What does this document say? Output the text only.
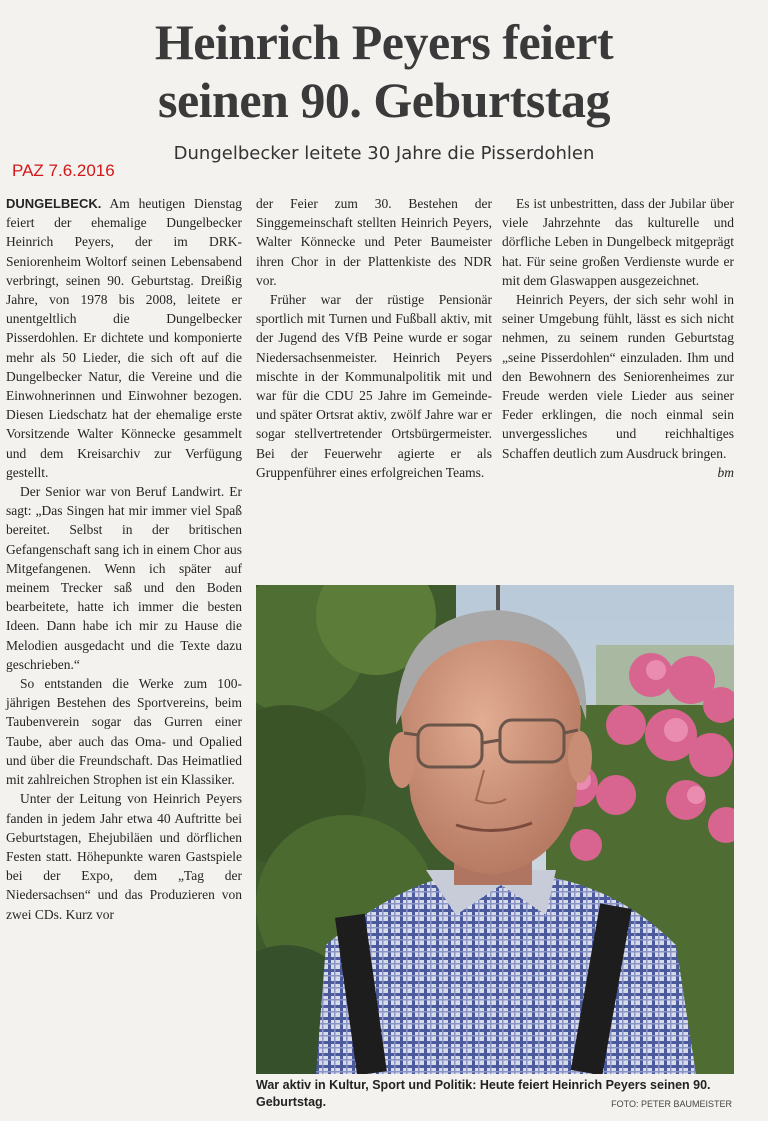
Heinrich Peyers feiert
seinen 90. Geburtstag
Dungelbecker leitete 30 Jahre die Pisserdohlen
PAZ 7.6.2016

DUNGELBECK. Am heutigen Dienstag feiert der ehemalige Dungelbecker Heinrich Peyers, der im DRK-Seniorenheim Woltorf seinen Lebensabend verbringt, seinen 90. Geburtstag. Dreißig Jahre, von 1978 bis 2008, leitete er unentgeltlich die Dungelbecker Pisserdohlen. Er dichtete und komponierte mehr als 50 Lieder, die sich oft auf die Dungelbecker Natur, die Vereine und die Einwohnerinnen und Einwohner bezogen. Diesen Liedschatz hat der ehemalige erste Vorsitzende Walter Könnecke gesammelt und dem Kreisarchiv zur Verfügung gestellt.

Der Senior war von Beruf Landwirt. Er sagt: „Das Singen hat mir immer viel Spaß bereitet. Selbst in der britischen Gefangenschaft sang ich in einem Chor aus Mitgefangenen. Wenn ich später auf meinem Trecker saß und den Boden bearbeitete, hatte ich immer die besten Ideen. Dann habe ich mir zu Hause die Melodien ausgedacht und die Texte dazu geschrieben.“

So entstanden die Werke zum 100-jährigen Bestehen des Sportvereins, beim Taubenverein sogar das Gurren einer Taube, aber auch das Oma- und Opalied und über die Freundschaft. Das Heimatlied mit zahlreichen Strophen ist ein Klassiker.

Unter der Leitung von Heinrich Peyers fanden in jedem Jahr etwa 40 Auftritte bei Geburtstagen, Ehejubiläen und dörflichen Festen statt. Höhepunkte waren Gastspiele bei der Expo, dem „Tag der Niedersachsen“ und das Produzieren von zwei CDs. Kurz vor

der Feier zum 30. Bestehen der Singgemeinschaft stellten Heinrich Peyers, Walter Könnecke und Peter Baumeister ihren Chor in der Plattenkiste des NDR vor.

Früher war der rüstige Pensionär sportlich mit Turnen und Fußball aktiv, mit der Jugend des VfB Peine wurde er sogar Niedersachsenmeister. Heinrich Peyers mischte in der Kommunalpolitik mit und war für die CDU 25 Jahre im Gemeinde- und später Ortsrat aktiv, zwölf Jahre war er sogar stellvertretender Ortsbürgermeister. Bei der Feuerwehr agierte er als Gruppenführer eines erfolgreichen Teams.

Es ist unbestritten, dass der Jubilar über viele Jahrzehnte das kulturelle und dörfliche Leben in Dungelbeck mitgeprägt hat. Für seine großen Verdienste wurde er mit dem Glaswappen ausgezeichnet.

Heinrich Peyers, der sich sehr wohl in seiner Umgebung fühlt, lässt es sich nicht nehmen, zu seinem runden Geburtstag „seine Pisserdohlen“ einzuladen. Ihm und den Bewohnern des Seniorenheimes zur Freude werden viele Lieder aus seiner Feder erklingen, die noch einmal sein unvergessliches und reichhaltiges Schaffen deutlich zum Ausdruck bringen.
bm

War aktiv in Kultur, Sport und Politik: Heute feiert Heinrich Peyers seinen 90. Geburtstag.	FOTO: PETER BAUMEISTER
